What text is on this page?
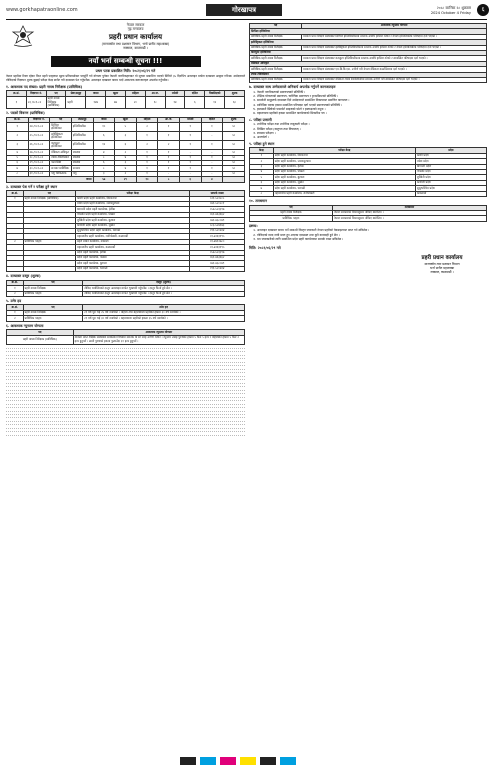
www.gorkhapatraonline.com	गोरखापत्र	२०८८ कात्तिक २८ शुक्रबार
2024 October 4 Friday	६
नेपाल सरकार
गृह मन्त्रालय
प्रहरी प्रधान कार्यालय
(मानवस्रोत तथा प्रशासन विभाग, भर्ना छनौट महाशाखा)
नक्साल, काठमाडौं ।
नयाँ भर्ना सम्बन्धी सूचना !!!
प्रथम पटक प्रकाशित मिति: २०८१/०६/२९ गते

नेपाल प्रहरीमा रिक्त रहेका निम्न प्रहरी पदहरुमा खुला प्रतिस्पर्धाबाट पदपूर्ति गर्न योग्यता पुगेका नेपाली नागरिकहरुबाट यो सूचना प्रकाशित भएको मितिले ३५ दिनभित्र अनलाइन मार्फत दरखास्त आह्वान गरिन्छ। उम्मेदवारले तोकिएको विज्ञापन शुल्क बुझाई परीक्षा केन्द्र छनौट गरी दरखास्त पेश गर्नुपर्नेछ। अनलाइन दरखास्त फारम भर्दा आवश्यक कागजातहरु अपलोड गर्नुपर्नेछ।

१. आवश्यक पद संख्या: प्रहरी नायब निरीक्षक (प्राविधिक)
क्र.सं.	विज्ञापन नं.	पद	सेवा/समूह	जम्मा	खुला	महिला	आ.ज.	मधेशी	दलित	पिछडिएको	शुल्क
१	२३ /०८१-८२	प्रहरी नायब निरीक्षक (प्राविधिक)	प्रहरी	१४४	७४	२०	१८	१४	६	१२	६०
२. पदको विवरण (प्राविधिक)
क्र.सं.	विज्ञापन नं.	पद	उपसमूह	जम्मा	खुला	महिला	आ.ज.	मधेशी	दलित	शुल्क
१	२४ /०८१-८२	सिभिल इन्जिनियर	इन्जिनियरिङ	१०	५	२	१	१	१	५०
२	२५ /०८१-८२	इलेक्ट्रिकल इन्जिनियर	इन्जिनियरिङ	६	३	१	१	१	-	५०
३	२६ /०८१-८२	कम्प्युटर इन्जिनियर	इन्जिनियरिङ	१२	६	२	२	१	१	५०
४	२७ /०८१-८२	मेडिकल अधिकृत	स्वास्थ्य	४	२	१	१	-	-	५०
५	२८ /०८१-८२	ल्याब टेक्निसियन	स्वास्थ्य	८	४	१	१	१	१	५०
६	२९ /०८१-८२	फार्मासिष्ट	स्वास्थ्य	६	३	१	१	१	-	५०
७	३० /०८१-८२	सञ्चार प्राविधिक	सञ्चार	८	४	१	१	१	१	५०
८	३१ /०८१-८२	पशु चिकित्सक	पशु	३	२	१	-	-	-	५०
जम्मा				५७	२९	१०	८	६	४	
३. दरखास्त पेश गर्ने र परीक्षा हुने स्थान
क्र.सं.	पद	परीक्षा केन्द्र	सम्पर्क नम्बर
१	प्रहरी नायब निरीक्षक (प्राविधिक)	कोशी प्रदेश प्रहरी कार्यालय, विराटनगर	०२१-५२२२८८
		मधेश प्रदेश प्रहरी कार्यालय, जनकपुरधाम	०४१-५२०२८१
		बागमती प्रदेश प्रहरी कार्यालय, हेटौंडा	०५७-५२३३९७
		गण्डकी प्रदेश प्रहरी कार्यालय, पोखरा	०६१-४६३६६२
		लुम्बिनी प्रदेश प्रहरी कार्यालय, बुटवल	०७१-४३८०४९
		कर्णाली प्रदेश प्रहरी कार्यालय, सुर्खेत	०८३-५२४१७३
		सुदूरपश्चिम प्रदेश प्रहरी कार्यालय, धनगढी	०९१-५२०७१४
		महानगरीय प्रहरी कार्यालय, रानीपोखरी, काठमाडौं	०१-४२६११९५
२	प्राविधिक पदहरु	प्रहरी प्रधान कार्यालय, नक्साल	०१-४४१२७८०
		महानगरीय प्रहरी कार्यालय, काठमाडौं	०१-४२६११९५
		प्रदेश प्रहरी कार्यालय, हेटौंडा	०५७-५२३३९७
		प्रदेश प्रहरी कार्यालय, पोखरा	०६१-४६३६६२
		प्रदेश प्रहरी कार्यालय, बुटवल	०७१-४३८०४९
		प्रदेश प्रहरी कार्यालय, धनगढी	०९१-५२०७१४
४. दरखास्त दस्तुर (शुल्क)
क्र.सं.	पद	दस्तुर (शुल्क)
१	प्रहरी नायब निरीक्षक	तोकिए बमोजिमको दस्तुर अनलाइन मार्फत भुक्तानी गर्नुपर्नेछ । दस्तुर फिर्ता हुने छैन ।
२	प्राविधिक पदहरु	तोकिए बमोजिमको दस्तुर अनलाइन मार्फत भुक्तानी गर्नुपर्नेछ । दस्तुर फिर्ता हुने छैन ।
५. उमेर हद
क्र.सं.	पद	उमेर हद
१	प्रहरी नायब निरीक्षक	२१ वर्ष पूरा भई २५ वर्ष ननाघेको । महिला तथा बहालवाला प्रहरीको हकमा ३० वर्ष ननाघेको ।
२	प्राविधिक पदहरु	२१ वर्ष पूरा भई ३० वर्ष ननाघेको । बहालवाला प्रहरीको हकमा ३५ वर्ष ननाघेको ।
६. आवश्यक न्यूनतम योग्यता
पद	आवश्यक न्यूनतम योग्यता
प्रहरी नायब निरीक्षक (प्राविधिक)	मान्यता प्राप्त शैक्षिक संस्थाबाट सम्बन्धित विषयमा स्नातक वा सो सरह उत्तीर्ण गरेको । न्यूनतम उचाइ पुरुषको हकमा ५ फिट ५ इन्च र महिलाको हकमा ५ फिट २ इन्च हुनुपर्ने । छाती पुरुषको हकमा फुलाउँदा ३१ इन्च हुनुपर्ने ।
पद	आवश्यक न्यूनतम योग्यता
सिभिल इन्जिनियर	
प्राविधिक प्रहरी नायब निरीक्षक	मान्यता प्राप्त शिक्षण संस्थाबाट सिभिल इन्जिनियरिङमा स्नातक उपाधि हासिल गरेको र नेपाल इन्जिनियरिङ परिषदमा दर्ता भएको ।
इलेक्ट्रिकल इन्जिनियर	
प्राविधिक प्रहरी नायब निरीक्षक	मान्यता प्राप्त शिक्षण संस्थाबाट इलेक्ट्रिकल इन्जिनियरिङमा स्नातक उपाधि हासिल गरेको र नेपाल इन्जिनियरिङ परिषदमा दर्ता भएको ।
कम्प्युटर इन्जिनियर	
प्राविधिक प्रहरी नायब निरीक्षक	मान्यता प्राप्त शिक्षण संस्थाबाट कम्प्युटर इन्जिनियरिङमा स्नातक उपाधि हासिल गरेको र सम्बन्धित परिषदमा दर्ता भएको ।
मेडिकल अधिकृत	
प्राविधिक प्रहरी नायब निरीक्षक	मान्यता प्राप्त शिक्षण संस्थाबाट एम.बि.बि.एस. उत्तीर्ण गरी नेपाल मेडिकल काउन्सिलमा दर्ता भएको ।
ल्याब टेक्निसियन	
प्राविधिक प्रहरी नायब निरीक्षक	मान्यता प्राप्त शिक्षण संस्थाबाट मेडिकल ल्याब टेक्नोलोजीमा स्नातक उत्तीर्ण गरी सम्बन्धित परिषदमा दर्ता भएको ।
७. दरखास्त साथ उम्मेदवारले अनिवार्य अपलोड गर्नुपर्ने कागजातहरु
1. नेपाली नागरिकताको प्रमाणपत्रको प्रतिलिपि ।
2. शैक्षिक योग्यताको प्रमाणपत्र, चारित्रिक प्रमाणपत्र र ट्रान्सक्रिप्टको प्रतिलिपि ।
3. समावेशी समूहतर्फ दरखास्त दिने उम्मेदवारले सम्बन्धित निकायबाट प्रमाणित कागजात ।
4. प्राविधिक पदका हकमा सम्बन्धित परिषदमा दर्ता भएको प्रमाणपत्रको प्रतिलिपि ।
5. हालसालै खिचेको पासपोर्ट साइजको फोटो र हस्ताक्षरको नमूना ।
6. बहालवाला प्रहरीको हकमा सम्बन्धित कार्यालयको सिफारिस पत्र ।
८. परीक्षा प्रणाली
1. शारीरिक परीक्षा तथा शारीरिक तन्दुरुस्ती परीक्षा ।
2. लिखित परीक्षा (वस्तुगत तथा विषयगत) ।
3. स्वास्थ्य परीक्षण ।
4. अन्तर्वार्ता ।
९. परीक्षा हुने स्थान
केन्द्र	परीक्षा केन्द्र	प्रदेश
१	प्रदेश प्रहरी कार्यालय, विराटनगर	कोशी प्रदेश
२	प्रदेश प्रहरी कार्यालय, जनकपुरधाम	मधेश प्रदेश
३	प्रदेश प्रहरी कार्यालय, हेटौंडा	बागमती प्रदेश
४	प्रदेश प्रहरी कार्यालय, पोखरा	गण्डकी प्रदेश
५	प्रदेश प्रहरी कार्यालय, बुटवल	लुम्बिनी प्रदेश
६	प्रदेश प्रहरी कार्यालय, सुर्खेत	कर्णाली प्रदेश
७	प्रदेश प्रहरी कार्यालय, धनगढी	सुदूरपश्चिम प्रदेश
८	महानगरीय प्रहरी कार्यालय, रानीपोखरी	काठमाडौं
१०. तलबमान
पद	तलबमान
प्रहरी नायब निरीक्षक	नेपाल सरकारको नियमानुसार तोकिए बमोजिम ।
प्राविधिक पदहरु	नेपाल सरकारको नियमानुसार तोकिए बमोजिम ।
द्रष्टव्य:
1. अनलाइन दरखास्त फारम भर्ने सम्बन्धी विस्तृत जानकारी नेपाल प्रहरीको वेबसाइटबाट प्राप्त गर्न सकिनेछ ।
2. तोकिएको म्याद नाघी प्राप्त हुन आएका दरखास्त उपर कुनै कारबाही हुने छैन ।
3. थप जानकारीको लागि सम्बन्धित प्रदेश प्रहरी कार्यालयमा सम्पर्क राख्न सकिनेछ ।
मिति: २०८१/०६/२९ गते
प्रहरी प्रधान कार्यालय
मानवस्रोत तथा प्रशासन विभाग
भर्ना छनौट महाशाखा
नक्साल, काठमाडौं ।
